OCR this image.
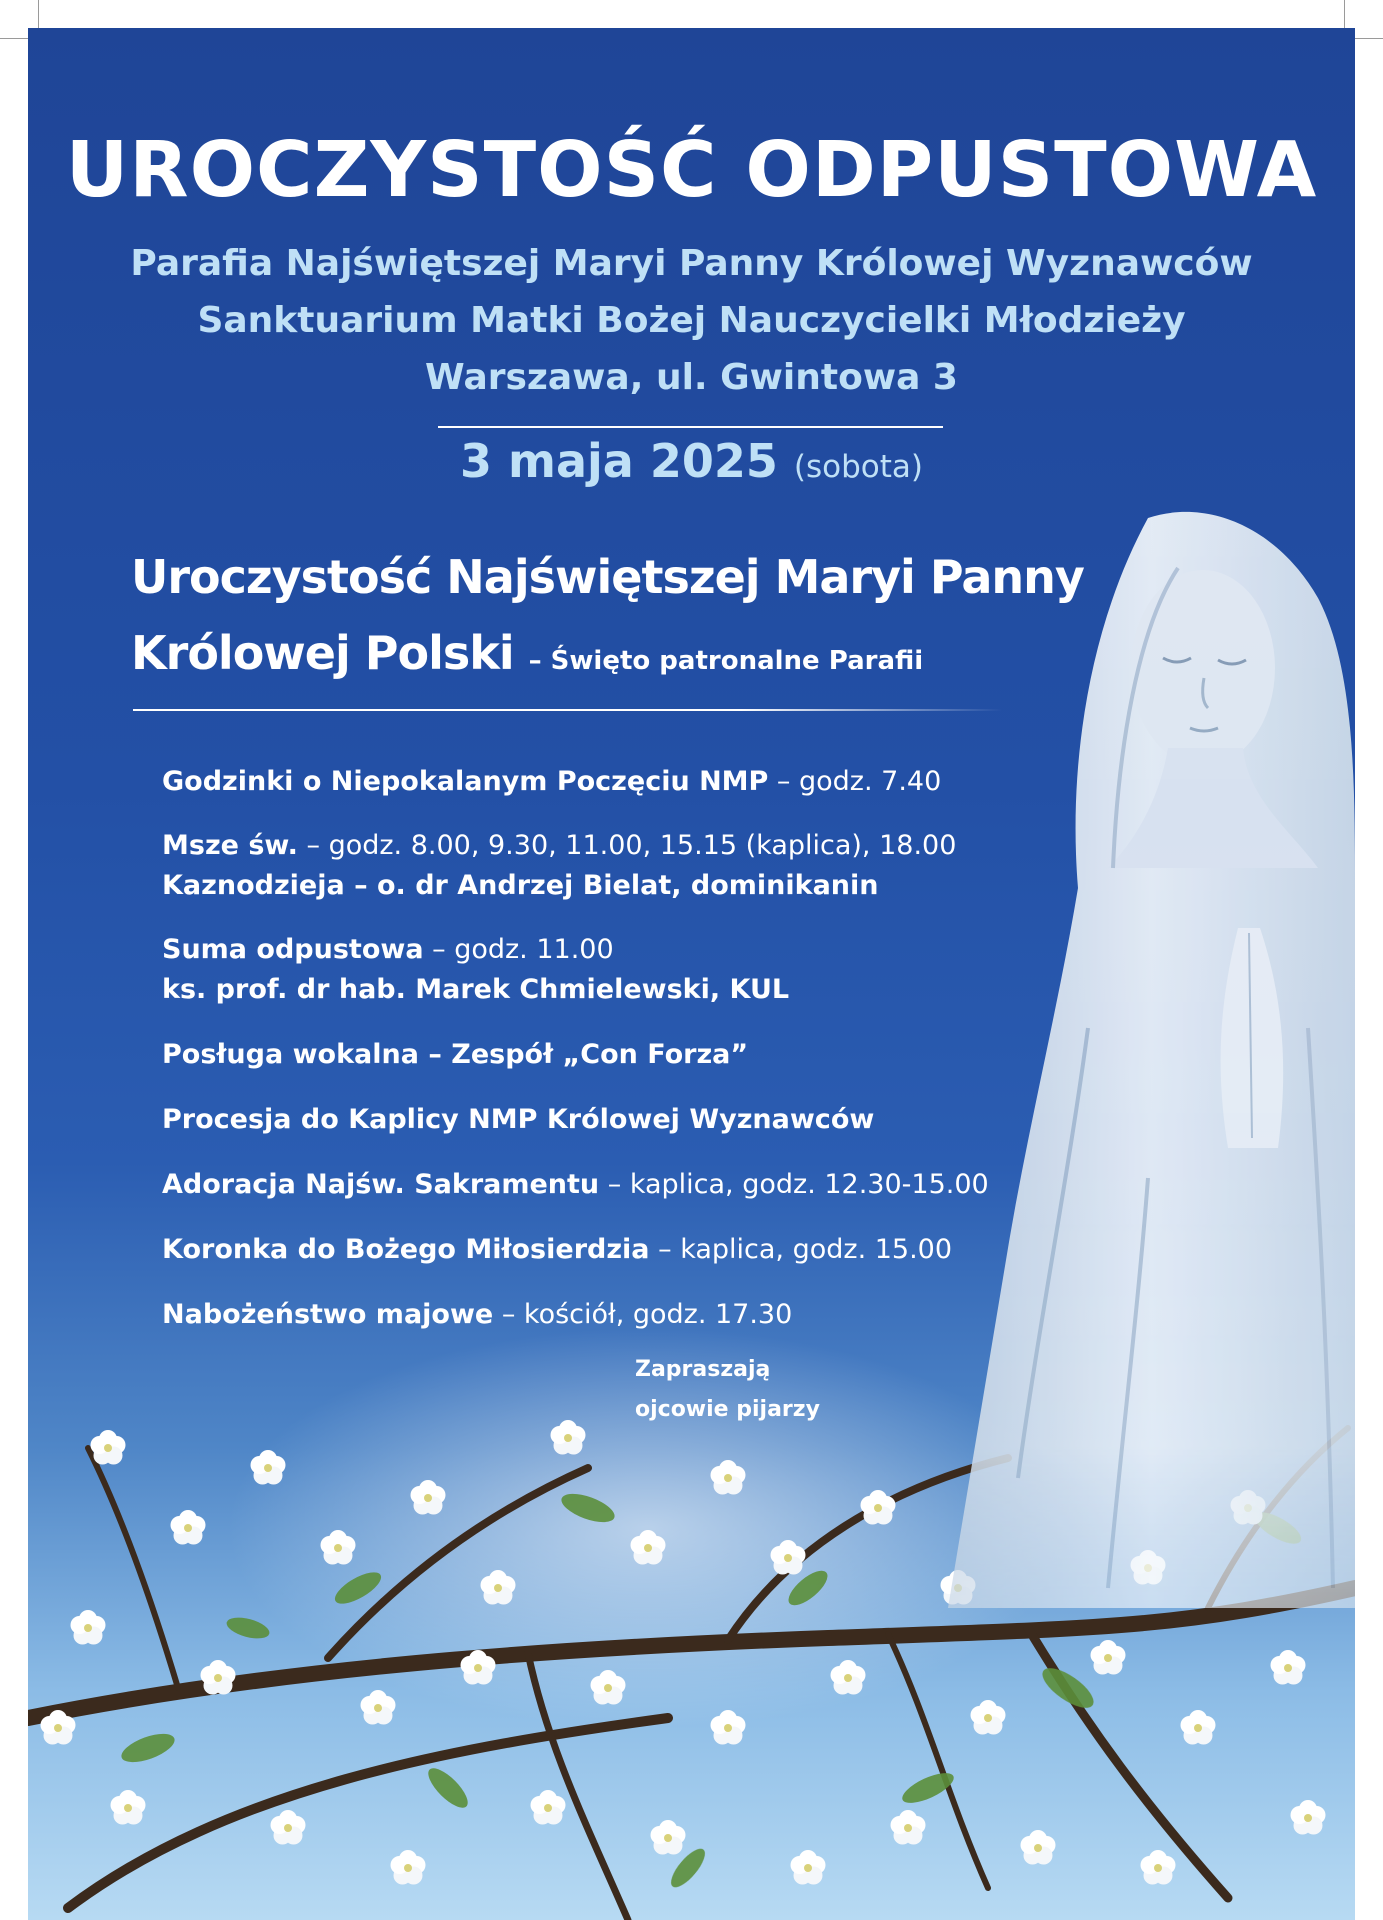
UROCZYSTOŚĆ ODPUSTOWA

Parafia Najświętszej Maryi Panny Królowej Wyznawców

Sanktuarium Matki Bożej Nauczycielki Młodzieży

Warszawa, ul. Gwintowa 3

3 maja 2025 (sobota)

Uroczystość Najświętszej Maryi Panny

Królowej Polski – Święto patronalne Parafii

Godzinki o Niepokalanym Poczęciu NMP – godz. 7.40

Msze św. – godz. 8.00, 9.30, 11.00, 15.15 (kaplica), 18.00

Kaznodzieja – o. dr Andrzej Bielat, dominikanin

Suma odpustowa – godz. 11.00

ks. prof. dr hab. Marek Chmielewski, KUL

Posługa wokalna – Zespół „Con Forza”

Procesja do Kaplicy NMP Królowej Wyznawców

Adoracja Najśw. Sakramentu – kaplica, godz. 12.30-15.00

Koronka do Bożego Miłosierdzia – kaplica, godz. 15.00

Nabożeństwo majowe – kościół, godz. 17.30

Zapraszają
ojcowie pijarzy
